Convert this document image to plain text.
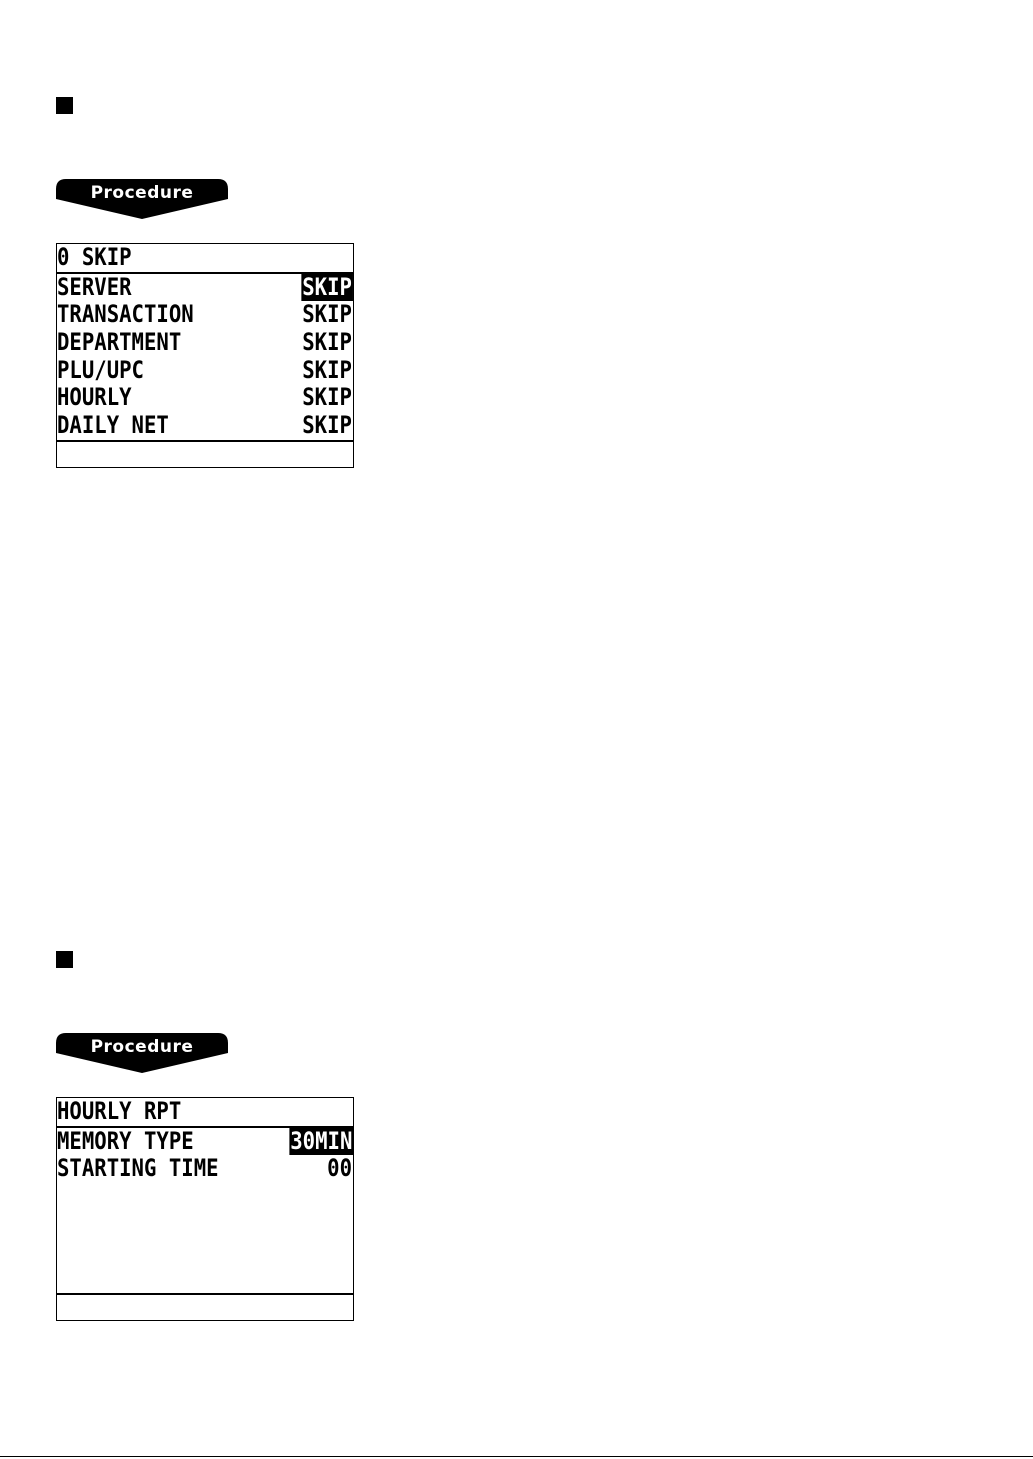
Procedure

0 SKIP

SERVER

	SKIP

TRANSACTION

	SKIP

DEPARTMENT

	SKIP

PLU/UPC

	SKIP

HOURLY

	SKIP

DAILY NET

	SKIP

Procedure

HOURLY RPT

MEMORY TYPE

	30MIN

STARTING TIME

	00
